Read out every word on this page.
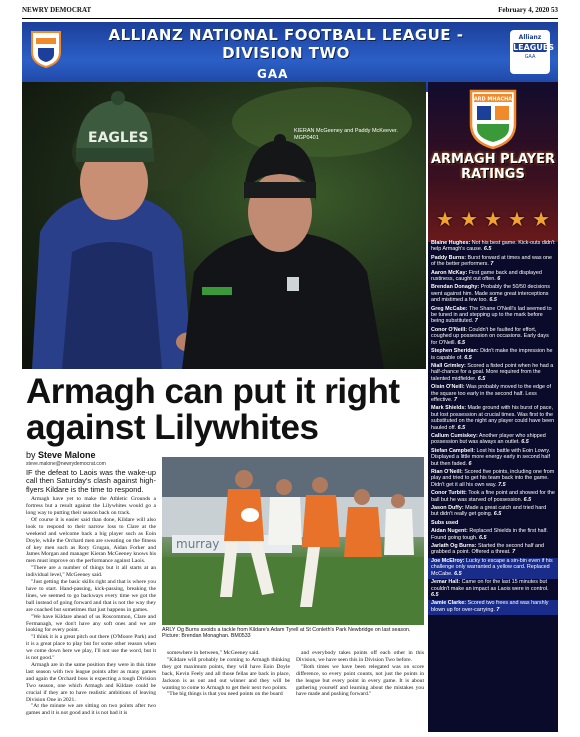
NEWRY DEMOCRAT	February 4, 2020 53
ALLIANZ NATIONAL FOOTBALL LEAGUE - DIVISION TWO
GAA
Allianz
LEAGUES
GAA
EAGLES	KIERAN McGeeney and Paddy McKeever. MGP0401
ARD MHACHA
ARMAGH PLAYER RATINGS
★ ★ ★ ★ ★
Blaine Hughes: Not his best game. Kick-outs didn't help Armagh's cause. 6.5
Paddy Burns: Burst forward at times and was one of the better performers. 7
Aaron McKay: First game back and displayed rustiness, caught out often. 6
Brendan Donaghy: Probably the 50/50 decisions went against him. Made some great interceptions and mistimed a few too. 6.5
Greg McCabe: The Shane O'Neill's lad seemed to be tuned in and stepping up to the mark before being substituted. 7
Conor O'Neill: Couldn't be faulted for effort, coughed up possession on occasions. Early days for O'Neill. 6.5
Stephen Sheridan: Didn't make the impression he is capable of. 6.5
Niall Grimley: Scored a fisted point when he had a half-chance for a goal. More required from the talented midfielder. 6.5
Oisin O'Neill: Was probably moved to the edge of the square too early in the second half. Less effective. 7
Mark Shields: Made ground with his burst of pace, but lost possession at crucial times. Was first to the substituted on the night any player could have been hauled off. 6.5
Callum Cumiskey: Another player who shipped possession but was always an outlet. 6.5
Stefan Campbell: Lost his battle with Eoin Lowry. Displayed a little more energy early in second half but then faded. 6
Rian O'Neill: Scored five points, including one from play and tried to get his team back into the game. Didn't get it all his own way. 7.5
Conor Turbitt: Took a fine point and showed for the ball but he was starved of possession. 6.5
Jason Duffy: Made a great catch and tried hard but didn't really get going. 6.5
Subs used
Aidan Nugent: Replaced Shields in the first half. Found going tough. 6.5
Jarlath Og Burns: Started the second half and grabbed a point. Offered a threat. 7
Joe McElroy: Lucky to escape a sin-bin even if his challenge only warranted a yellow card. Replaced McCabe. 6.5
Jemar Hall: Came on for the last 15 minutes but couldn't make an impact as Laois were in control. 6.5
Jamie Clarke: Scored two frees and was harshly blown up for over-carrying. 7
Armagh can put it right against Lilywhites
by Steve Malone
steve.malone@newrydemocrat.com

IF the defeat to Laois was the wake-up call then Saturday's clash against high-flyers Kildare is the time to respond.

Armagh have yet to make the Athletic Grounds a fortress but a result against the Lilywhites would go a long way to putting their season back on track.

Of course it is easier said than done, Kildare will also look to respond to their narrow loss to Clare at the weekend and welcome back a big player such as Eoin Doyle, while the Orchard men are sweating on the fitness of key men such as Rory Grugan, Aidan Forker and James Morgan and manager Kieran McGeeney knows his men must improve on the performance against Laois.

"There are a number of things but it all starts at an individual level," McGeeney said.

"Just getting the basic skills right and that is where you have to start. Hand-passing, kick-passing, breaking the lines, we seemed to go backways every time we got the ball instead of going forward and that is not the way they are coached but sometimes that just happens in games.

"We have Kildare ahead of us Roscommon, Clare and Fermanagh, we don't have any soft ones and we are looking for every point.

"I think it is a great pitch out there (O'Moore Park) and it is a great place to play but for some other reason when we come down here we play, I'll not use the word, but it is not good."

Armagh are in the same position they were in this time last season with two league points after as many games and again the Orchard boss is expecting a tough Division Two season, one which Armagh and Kildare could be crucial if they are to have realistic ambitions of leaving Division One in 2021.

"At the minute we are sitting on two points after two games and it is not good and it is not bad it is

murray
ARLY Og Burns avoids a tackle from Kildare's Adam Tyrell at St Conleth's Park Newbridge on last season. Picture: Brendan Monaghan. BM0533

somewhere in between," McGeeney said.

"Kildare will probably be coming to Armagh thinking they got maximum points, they will have Eoin Doyle back, Kevin Feely and all those fellas are back in place, Jackson is as out and out winner and they will be wanting to come to Armagh to get their next two points.

"The big things is that you need points on the board

and everybody takes points off each other in this Division, we have seen this in Division Two before.

"Both times we have been relegated was on score difference, so every point counts, not just the points in the league but every point in every game. It is about gathering yourself and learning about the mistakes you have made and pushing forward."
